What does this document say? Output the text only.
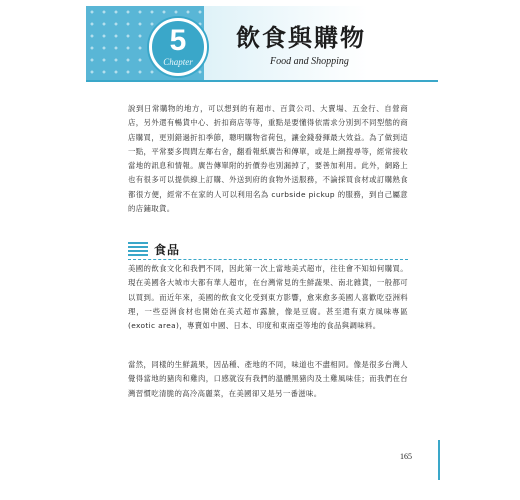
5
Chapter
飲食與購物
Food and Shopping

說到日常購物的地方，可以想到的有超市、百貨公司、大賣場、五金行、自營商店，另外還有暢貨中心、折扣商店等等，重點是要懂得依需求分別到不同型態的商店購買，更別錯過折扣季節，聰明購物省荷包，讓金錢發揮最大效益。為了做到這一點，平常要多問問左鄰右舍，翻看報紙廣告和傳單，或是上網搜尋等，經常接收當地的訊息和情報。廣告傳單附的折價券也別漏掉了，要善加利用。此外，網路上也有很多可以提供線上訂購、外送到府的食物外送服務，不論採買食材或訂購熟食都很方便，經常不在家的人可以利用名為 curbside pickup 的服務，到自己屬意的店鋪取貨。

食品

美國的飲食文化和我們不同，因此第一次上當地美式超市，往往會不知如何購買。現在美國各大城市大都有華人超市，在台灣常見的生鮮蔬果、南北雜貨，一般都可以買到。而近年來，美國的飲食文化受到東方影響，愈來愈多美國人喜歡吃亞洲料理，一些亞洲食材也開始在美式超市露臉，像是豆腐。甚至還有東方風味專區 (exotic area)，專賣如中國、日本、印度和東南亞等地的食品與調味料。

當然，同樣的生鮮蔬果，因品種、產地的不同，味道也不盡相同。像是很多台灣人覺得當地的豬肉和雞肉，口感就沒有我們的溫體黑豬肉及土雞風味佳；而我們在台灣習慣吃清脆的高冷高麗菜，在美國卻又是另一番滋味。

165
